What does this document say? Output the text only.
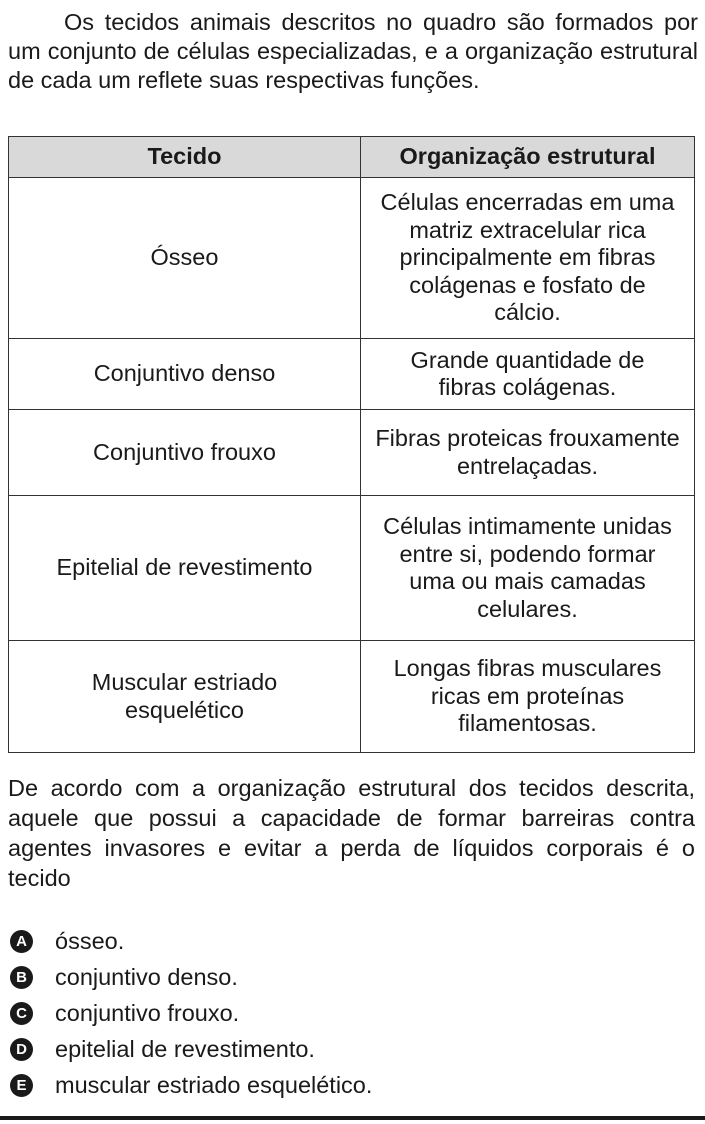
Os tecidos animais descritos no quadro são formados por um conjunto de células especializadas, e a organização estrutural de cada um reflete suas respectivas funções.

Tecido	Organização estrutural
Ósseo	Células encerradas em uma matriz extracelular rica principalmente em fibras colágenas e fosfato de cálcio.
Conjuntivo denso	Grande quantidade de fibras colágenas.
Conjuntivo frouxo	Fibras proteicas frouxamente entrelaçadas.
Epitelial de revestimento	Células intimamente unidas entre si, podendo formar uma ou mais camadas celulares.
Muscular estriado esquelético	Longas fibras musculares ricas em proteínas filamentosas.

De acordo com a organização estrutural dos tecidos descrita, aquele que possui a capacidade de formar barreiras contra agentes invasores e evitar a perda de líquidos corporais é o tecido

A ósseo.
B conjuntivo denso.
C conjuntivo frouxo.
D epitelial de revestimento.
E muscular estriado esquelético.
